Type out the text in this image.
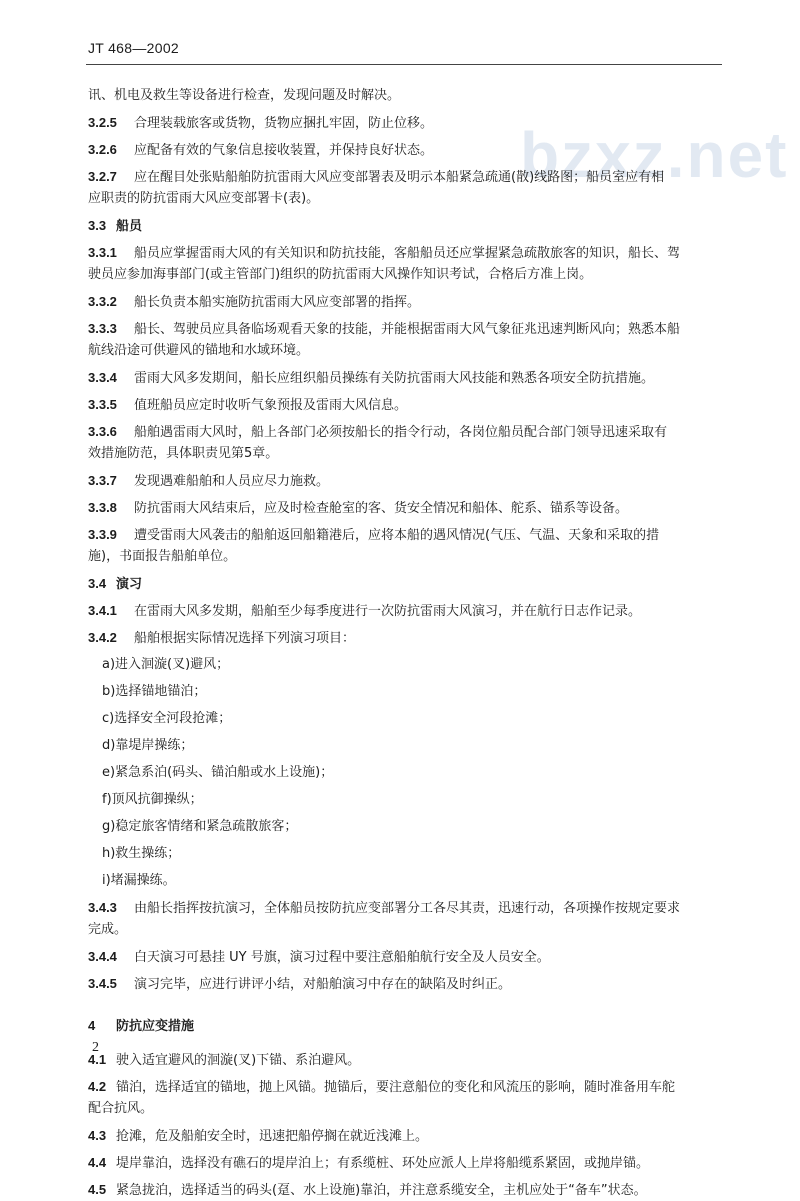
JT 468—2002
bzxz.net
讯、机电及救生等设备进行检查，发现问题及时解决。
3.2.5 合理装载旅客或货物，货物应捆扎牢固，防止位移。
3.2.6 应配备有效的气象信息接收装置，并保持良好状态。
3.2.7 应在醒目处张贴船舶防抗雷雨大风应变部署表及明示本船紧急疏通(散)线路图；船员室应有相
应职责的防抗雷雨大风应变部署卡(表)。
3.3 船员
3.3.1 船员应掌握雷雨大风的有关知识和防抗技能，客船船员还应掌握紧急疏散旅客的知识，船长、驾
驶员应参加海事部门(或主管部门)组织的防抗雷雨大风操作知识考试，合格后方准上岗。
3.3.2 船长负责本船实施防抗雷雨大风应变部署的指挥。
3.3.3 船长、驾驶员应具备临场观看天象的技能，并能根据雷雨大风气象征兆迅速判断风向；熟悉本船
航线沿途可供避风的锚地和水域环境。
3.3.4 雷雨大风多发期间，船长应组织船员操练有关防抗雷雨大风技能和熟悉各项安全防抗措施。
3.3.5 值班船员应定时收听气象预报及雷雨大风信息。
3.3.6 船舶遇雷雨大风时，船上各部门必须按船长的指令行动，各岗位船员配合部门领导迅速采取有
效措施防范，具体职责见第5章。
3.3.7 发现遇难船舶和人员应尽力施救。
3.3.8 防抗雷雨大风结束后，应及时检查舱室的客、货安全情况和船体、舵系、锚系等设备。
3.3.9 遭受雷雨大风袭击的船舶返回船籍港后，应将本船的遇风情况(气压、气温、天象和采取的措
施)，书面报告船舶单位。
3.4 演习
3.4.1 在雷雨大风多发期，船舶至少每季度进行一次防抗雷雨大风演习，并在航行日志作记录。
3.4.2 船舶根据实际情况选择下列演习项目：
a)进入洄漩(叉)避风；
b)选择锚地锚泊；
c)选择安全河段抢滩；
d)靠堤岸操练；
e)紧急系泊(码头、锚泊船或水上设施)；
f)顶风抗御操纵；
g)稳定旅客情绪和紧急疏散旅客；
h)救生操练；
i)堵漏操练。
3.4.3 由船长指挥按抗演习，全体船员按防抗应变部署分工各尽其责，迅速行动，各项操作按规定要求
完成。
3.4.4 白天演习可悬挂 UY 号旗，演习过程中要注意船舶航行安全及人员安全。
3.4.5 演习完毕，应进行讲评小结，对船舶演习中存在的缺陷及时纠正。
4 防抗应变措施
4.1 驶入适宜避风的洄漩(叉)下锚、系泊避风。
4.2 锚泊，选择适宜的锚地，抛上风锚。抛锚后，要注意船位的变化和风流压的影响，随时准备用车舵
配合抗风。
4.3 抢滩，危及船舶安全时，迅速把船停搁在就近浅滩上。
4.4 堤岸靠泊，选择没有礁石的堤岸泊上；有系缆桩、环处应派人上岸将船缆系紧固，或抛岸锚。
4.5 紧急拢泊，选择适当的码头(趸、水上设施)靠泊，并注意系缆安全，主机应处于“备车”状态。
2
